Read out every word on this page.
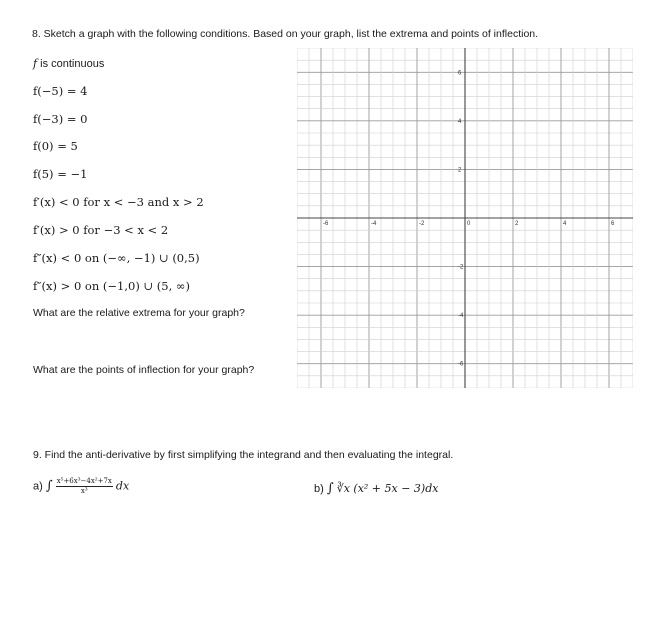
8. Sketch a graph with the following conditions. Based on your graph, list the extrema and points of inflection.
f is continuous
f(−5) = 4
f(−3) = 0
f(0) = 5
f(5) = −1
f′(x) < 0 for x < −3 and x > 2
f′(x) > 0 for −3 < x < 2
f″(x) < 0 on (−∞, −1) ∪ (0,5)
f″(x) > 0 on (−1,0) ∪ (5, ∞)
What are the relative extrema for your graph?
What are the points of inflection for your graph?
-6	-4	-2	0	2	4	6
6
4
2
-2
-4
-6
9. Find the anti-derivative by first simplifying the integrand and then evaluating the integral.
a) ∫ $\frac{\text{x⁵+6x³−4x²+7x}}{\text{x³}}$ dx	b) ∫ ∛x (x² + 5x − 3)dx
